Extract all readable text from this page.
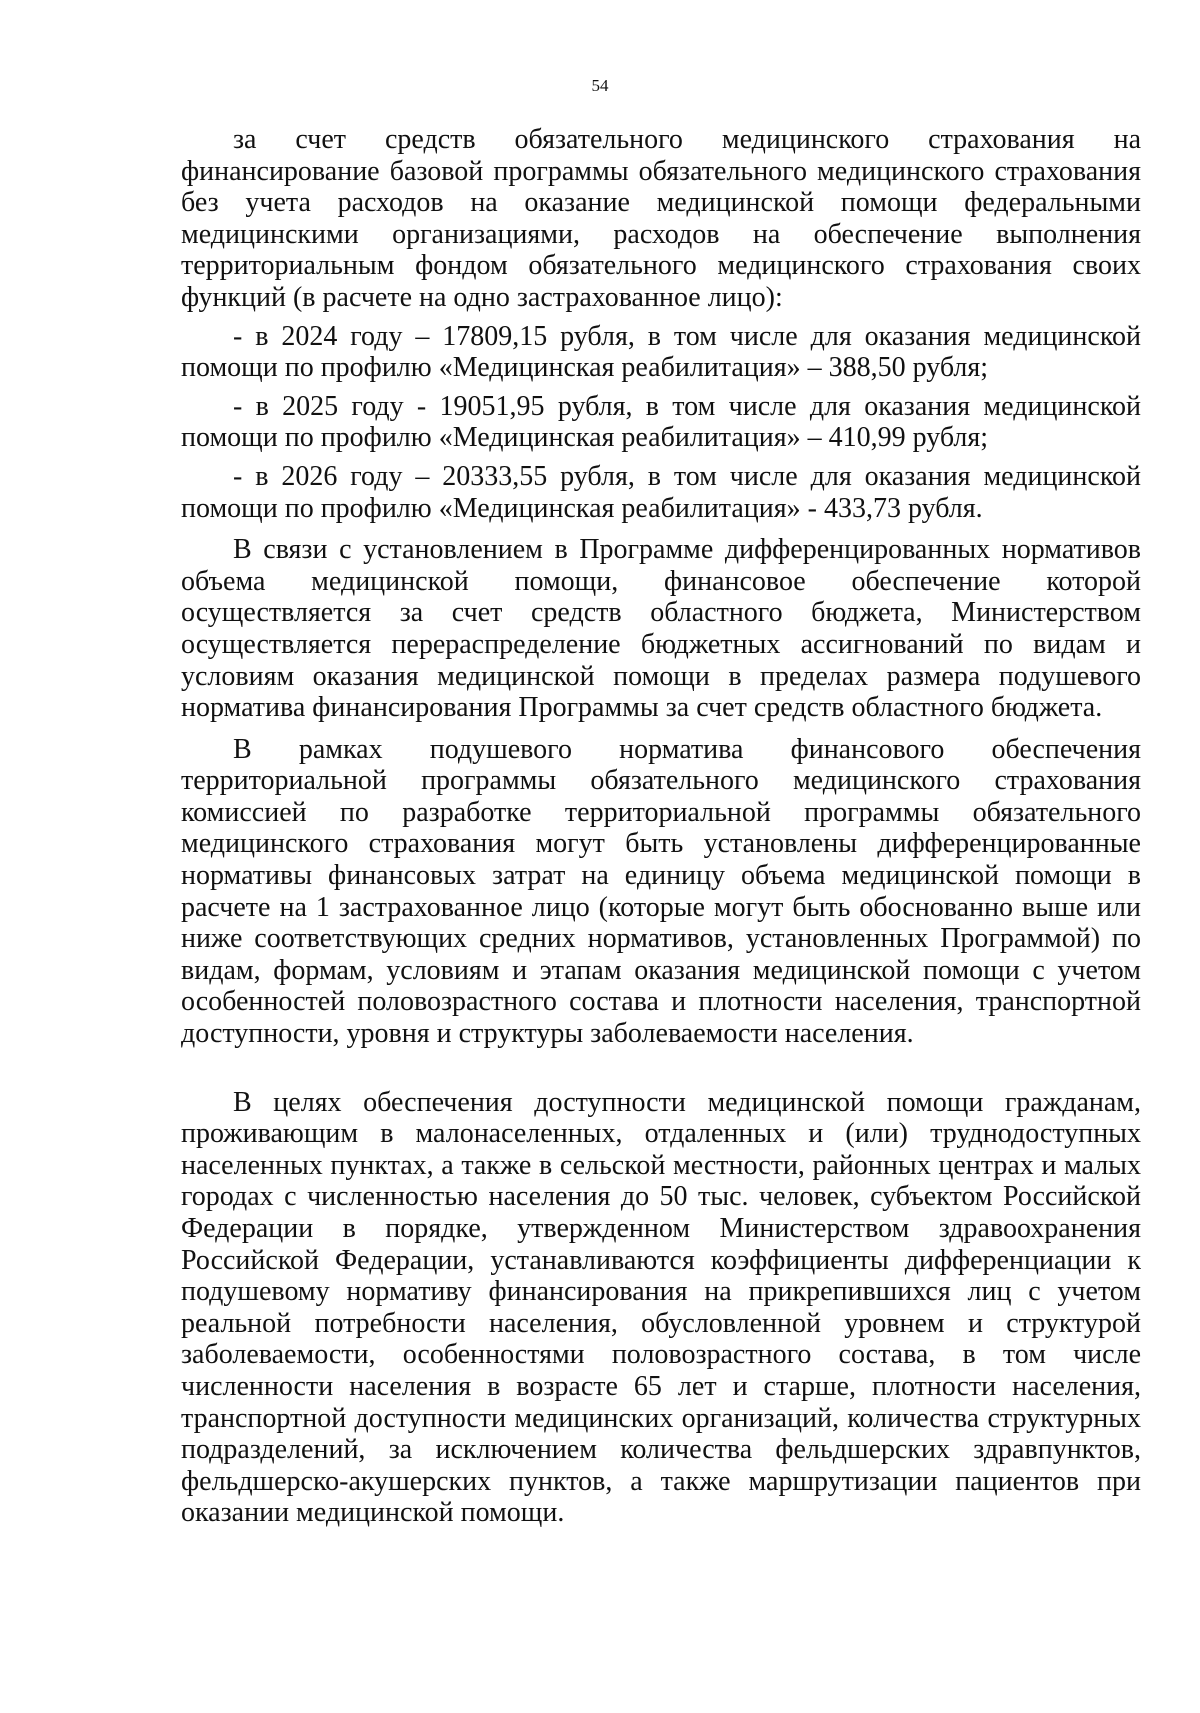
54

за счет средств обязательного медицинского страхования на финансирование базовой программы обязательного медицинского страхования без учета расходов на оказание медицинской помощи федеральными медицинскими организациями, расходов на обеспечение выполнения территориальным фондом обязательного медицинского страхования своих функций (в расчете на одно застрахованное лицо):

- в 2024 году – 17809,15 рубля, в том числе для оказания медицинской помощи по профилю «Медицинская реабилитация» – 388,50 рубля;

- в 2025 году - 19051,95 рубля, в том числе для оказания медицинской помощи по профилю «Медицинская реабилитация» – 410,99 рубля;

- в 2026 году – 20333,55 рубля, в том числе для оказания медицинской помощи по профилю «Медицинская реабилитация» - 433,73 рубля.

В связи с установлением в Программе дифференцированных нормативов объема медицинской помощи, финансовое обеспечение которой осуществляется за счет средств областного бюджета, Министерством осуществляется перераспределение бюджетных ассигнований по видам и условиям оказания медицинской помощи в пределах размера подушевого норматива финансирования Программы за счет средств областного бюджета.

В рамках подушевого норматива финансового обеспечения территориальной программы обязательного медицинского страхования комиссией по разработке территориальной программы обязательного медицинского страхования могут быть установлены дифференцированные нормативы финансовых затрат на единицу объема медицинской помощи в расчете на 1 застрахованное лицо (которые могут быть обоснованно выше или ниже соответствующих средних нормативов, установленных Программой) по видам, формам, условиям и этапам оказания медицинской помощи с учетом особенностей половозрастного состава и плотности населения, транспортной доступности, уровня и структуры заболеваемости населения.

В целях обеспечения доступности медицинской помощи гражданам, проживающим в малонаселенных, отдаленных и (или) труднодоступных населенных пунктах, а также в сельской местности, районных центрах и малых городах с численностью населения до 50 тыс. человек, субъектом Российской Федерации в порядке, утвержденном Министерством здравоохранения Российской Федерации, устанавливаются коэффициенты дифференциации к подушевому нормативу финансирования на прикрепившихся лиц с учетом реальной потребности населения, обусловленной уровнем и структурой заболеваемости, особенностями половозрастного состава, в том числе численности населения в возрасте 65 лет и старше, плотности населения, транспортной доступности медицинских организаций, количества структурных подразделений, за исключением количества фельдшерских здравпунктов, фельдшерско-акушерских пунктов, а также маршрутизации пациентов при оказании медицинской помощи.
